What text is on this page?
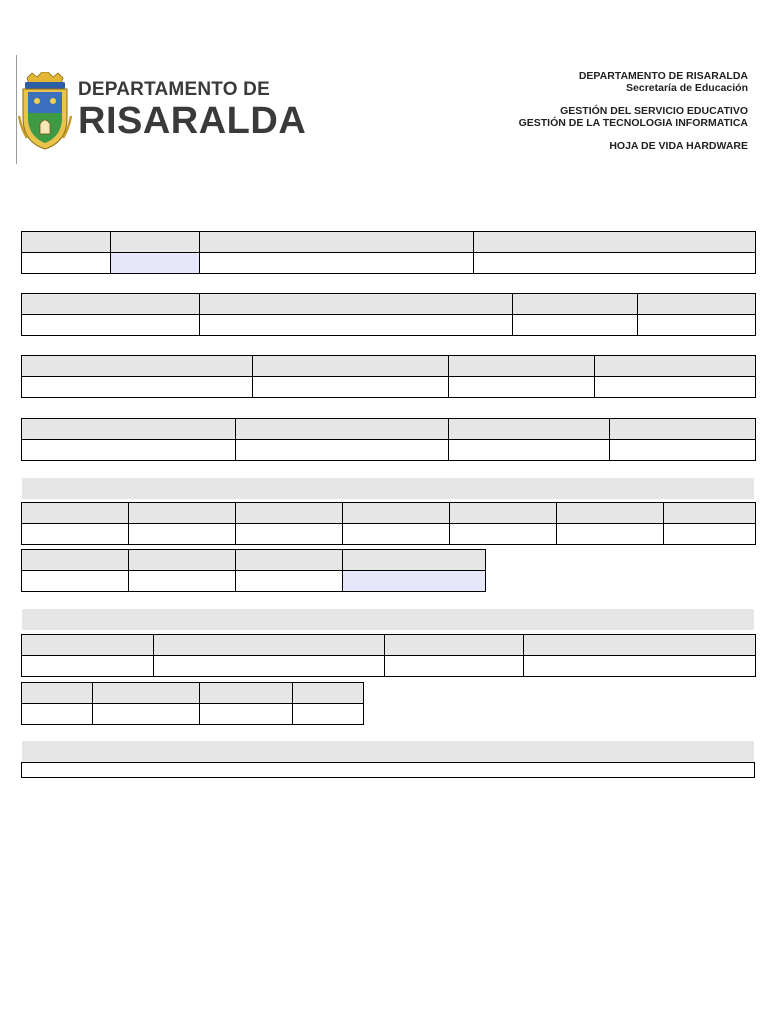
DEPARTAMENTO DE
RISARALDA
DEPARTAMENTO DE RISARALDA
Secretaría de Educación
GESTIÓN DEL SERVICIO EDUCATIVO
GESTIÓN DE LA TECNOLOGIA INFORMATICA
HOJA DE VIDA HARDWARE
